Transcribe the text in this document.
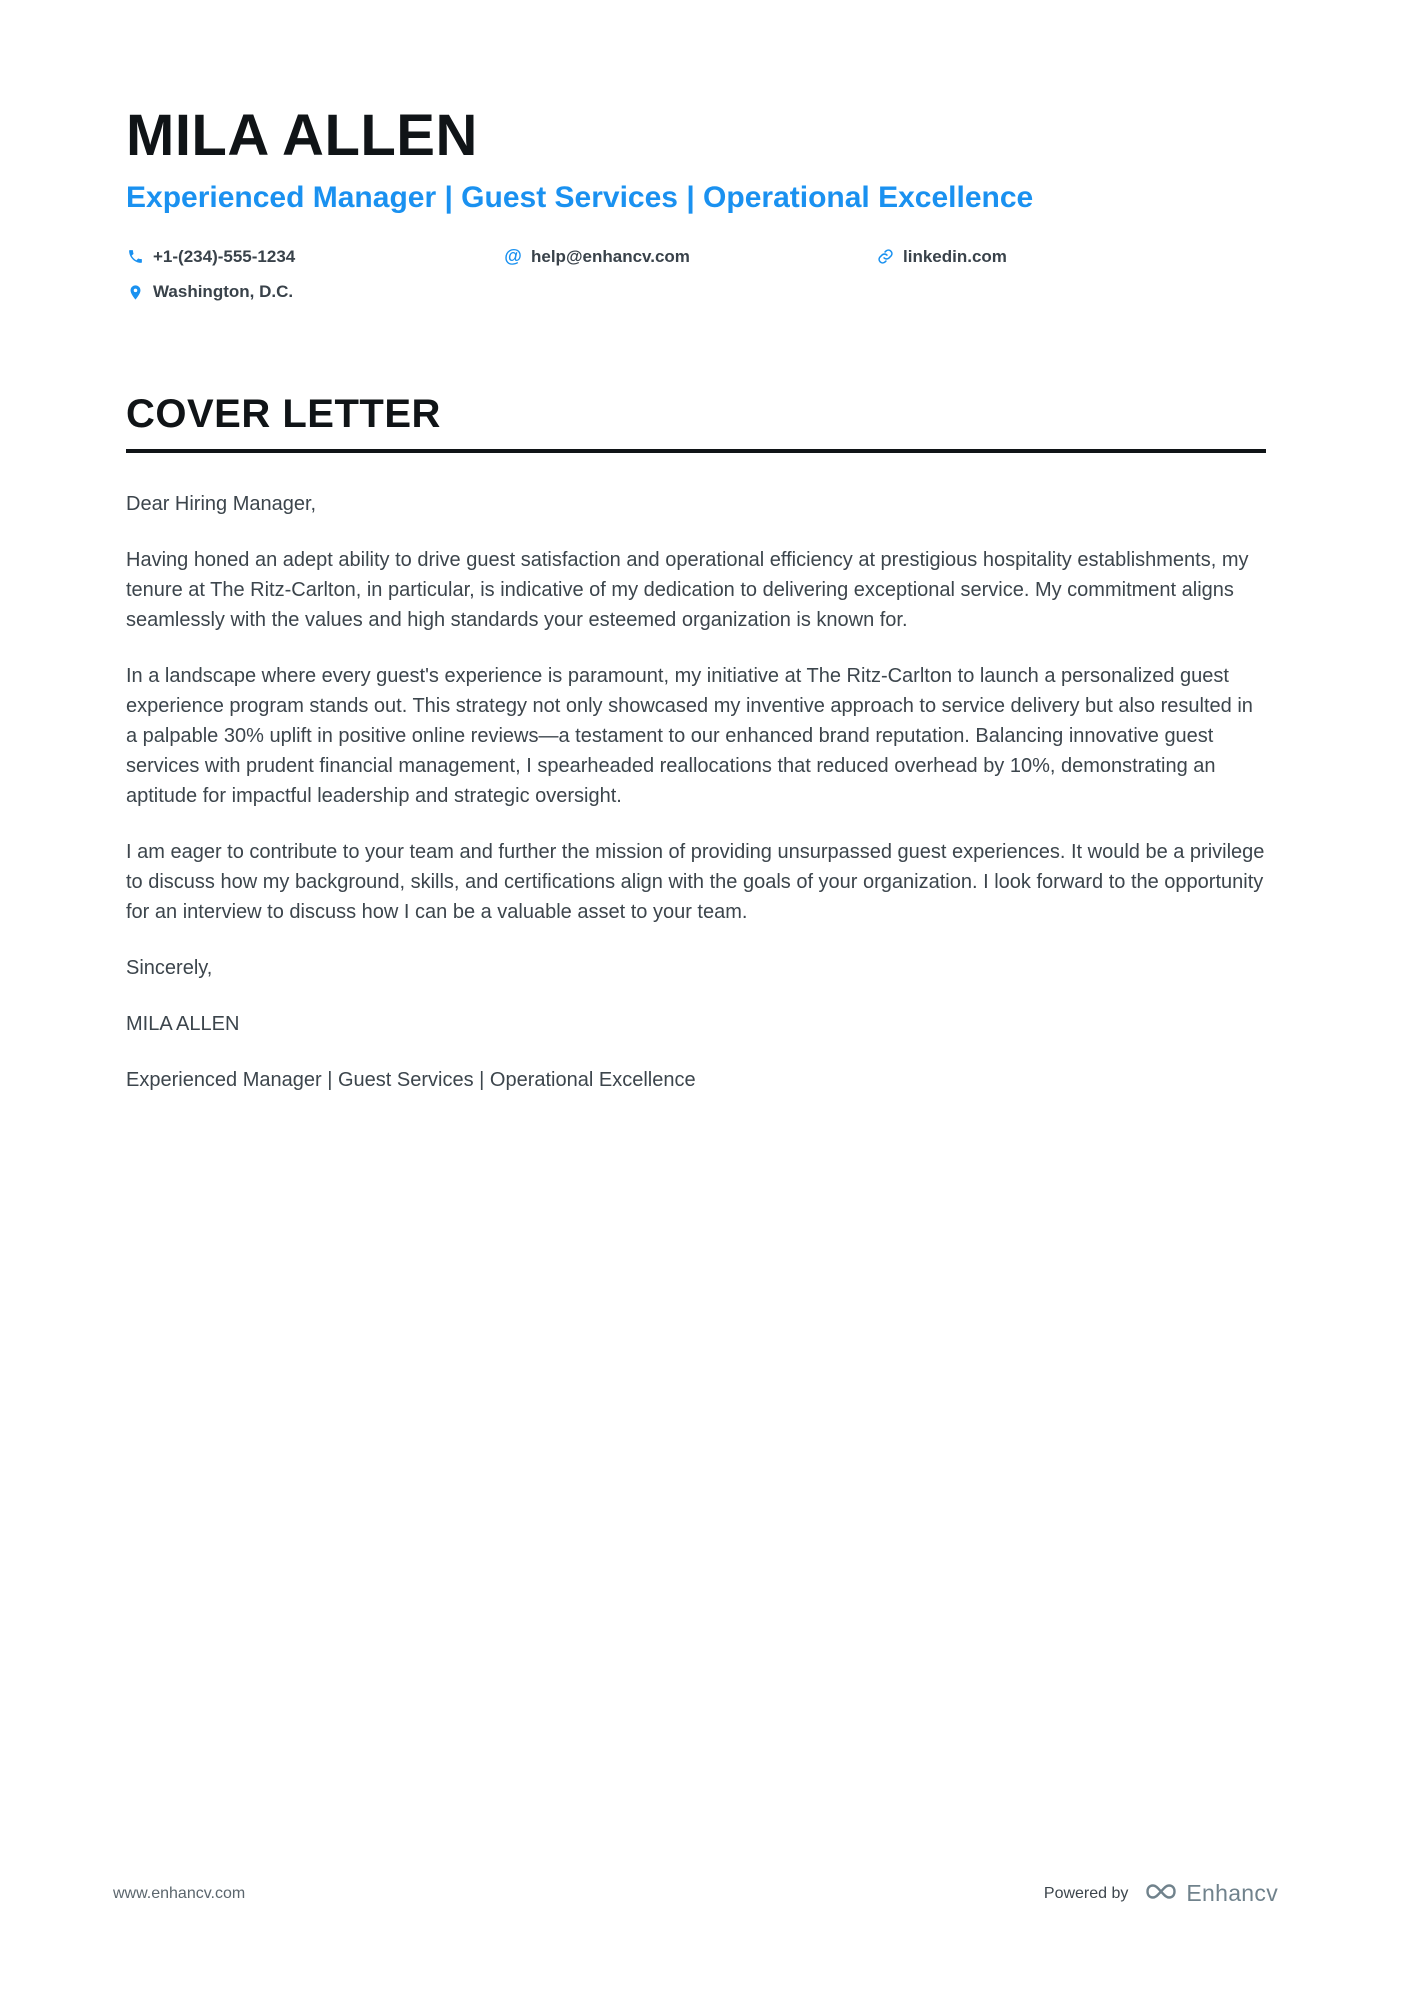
MILA ALLEN
Experienced Manager | Guest Services | Operational Excellence
+1-(234)-555-1234	@ help@enhancv.com	linkedin.com
Washington, D.C.
COVER LETTER

Dear Hiring Manager,

Having honed an adept ability to drive guest satisfaction and operational efficiency at prestigious hospitality establishments, my tenure at The Ritz-Carlton, in particular, is indicative of my dedication to delivering exceptional service. My commitment aligns seamlessly with the values and high standards your esteemed organization is known for.

In a landscape where every guest's experience is paramount, my initiative at The Ritz-Carlton to launch a personalized guest experience program stands out. This strategy not only showcased my inventive approach to service delivery but also resulted in a palpable 30% uplift in positive online reviews—a testament to our enhanced brand reputation. Balancing innovative guest services with prudent financial management, I spearheaded reallocations that reduced overhead by 10%, demonstrating an aptitude for impactful leadership and strategic oversight.

I am eager to contribute to your team and further the mission of providing unsurpassed guest experiences. It would be a privilege to discuss how my background, skills, and certifications align with the goals of your organization. I look forward to the opportunity for an interview to discuss how I can be a valuable asset to your team.

Sincerely,

MILA ALLEN

Experienced Manager | Guest Services | Operational Excellence

www.enhancv.com	Powered by	Enhancv
